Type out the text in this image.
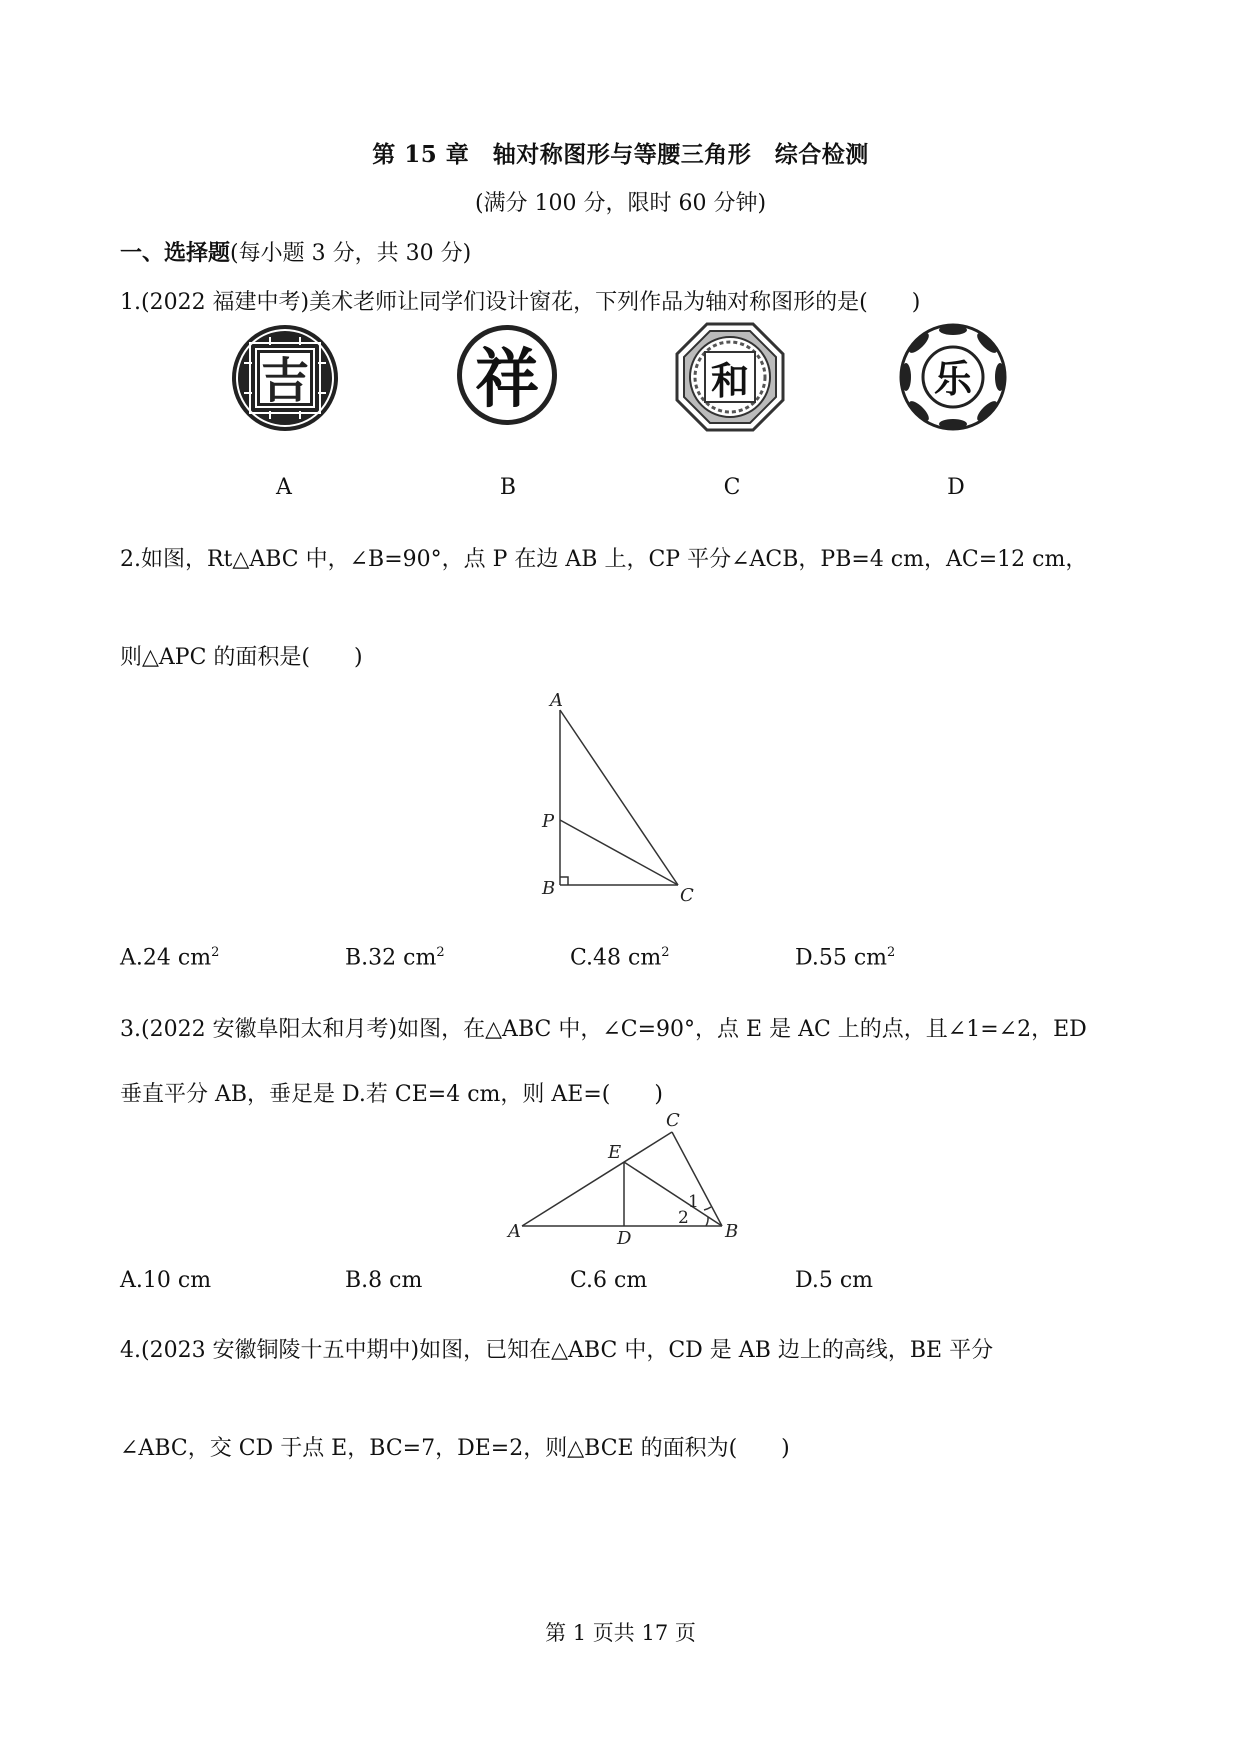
第 15 章　轴对称图形与等腰三角形　综合检测
(满分 100 分，限时 60 分钟)
一、选择题(每小题 3 分，共 30 分)
1.(2022 福建中考)美术老师让同学们设计窗花，下列作品为轴对称图形的是(　　)
吉	祥	和	乐
A	B	C	D
2.如图，Rt△ABC 中，∠B=90°，点 P 在边 AB 上，CP 平分∠ACB，PB=4 cm，AC=12 cm，
则△APC 的面积是(　　)
A
P
B	C
A.24 $cm^2$	B.32 $cm^2$	C.48 $cm^2$	D.55 $cm^2$
3.(2022 安徽阜阳太和月考)如图，在△ABC 中，∠C=90°，点 E 是 AC 上的点，且∠1=∠2，ED
垂直平分 AB，垂足是 D.若 CE=4 cm，则 AE=(　　)
A	B
C
D
E
1
2
A.10 cm	B.8 cm	C.6 cm	D.5 cm
4.(2023 安徽铜陵十五中期中)如图，已知在△ABC 中，CD 是 AB 边上的高线，BE 平分
∠ABC，交 CD 于点 E，BC=7，DE=2，则△BCE 的面积为(　　)
第 1 页共 17 页
